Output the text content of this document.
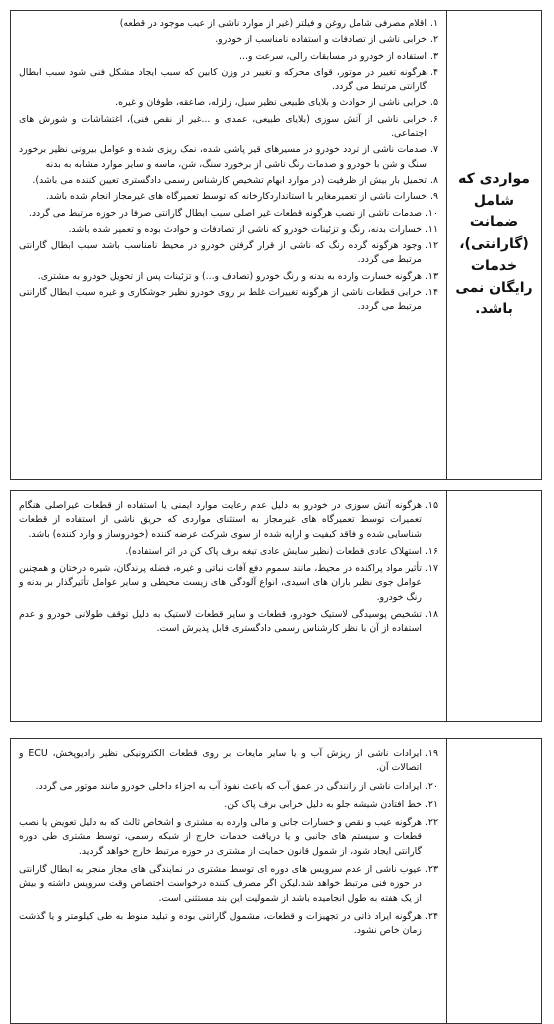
مواردی که شامل ضمانت (گارانتی)، خدمات رایگان نمی باشد.
۱.
اقلام مصرفی شامل روغن و فیلتر (غیر از موارد ناشی از عیب موجود در قطعه)
۲.
خرابی ناشی از تصادفات و استفاده نامناسب از خودرو.
۳.
استفاده از خودرو در مسابقات رالی، سرعت و...
۴.
هرگونه تغییر در موتور، قوای محرکه و تغییر در وزن کابین که سبب ایجاد مشکل فنی شود سبب ابطال گارانتی مرتبط می گردد.
۵.
خرابی ناشی از حوادث و بلایای طبیعی نظیر سیل، زلزله، صاعقه، طوفان و غیره.
۶.
خرابی ناشی از آتش سوزی (بلایای طبیعی، عمدی و ...غیر از نقص فنی)، اغتشاشات و شورش های اجتماعی.
۷.
صدمات ناشی از تردد خودرو در مسیرهای قیر پاشی شده، نمک ریزی شده و عوامل بیرونی نظیر برخورد سنگ و شن با خودرو و صدمات رنگ ناشی از برخورد سنگ، شن، ماسه و سایر موارد مشابه به بدنه
۸.
تحمیل بار بیش از ظرفیت (در موارد ابهام تشخیص کارشناس رسمی دادگستری تعیین کننده می باشد).
۹.
خسارات ناشی از تعمیرمغایر با استانداردکارخانه که توسط تعمیرگاه های غیرمجاز انجام شده باشد.
۱۰.
صدمات ناشی از نصب هرگونه قطعات غیر اصلی سبب ابطال گارانتی صرفا در حوزه مرتبط می گردد.
۱۱.
خسارات بدنه، رنگ و تزئینات خودرو که ناشی از تصادفات و حوادث بوده و تعمیر شده باشد.
۱۲.
وجود هرگونه گرده رنگ که ناشی از قرار گرفتن خودرو در محیط نامناسب باشد سبب ابطال گارانتی مرتبط می گردد.
۱۳.
هرگونه خسارت وارده به بدنه و رنگ خودرو (تصادف و...) و تزئینات پس از تحویل خودرو به مشتری.
۱۴.
خرابی قطعات ناشی از هرگونه تغییرات غلط بر روی خودرو نظیر جوشکاری و غیره سبب ابطال گارانتی مرتبط می گردد.
۱۵.
هرگونه آتش سوزی در خودرو به دلیل عدم رعایت موارد ایمنی یا استفاده از قطعات غیراصلی هنگام تعمیرات توسط تعمیرگاه های غیرمجاز به استثنای مواردی که حریق ناشی از استفاده از قطعات شناسایی شده و فاقد کیفیت و ارایه شده از سوی شرکت عرضه کننده (خودروساز و وارد کننده) باشد.
۱۶.
استهلاک عادی قطعات (نظیر سایش عادی تیغه برف پاک کن در اثر استفاده).
۱۷.
تأثیر مواد پراکنده در محیط، مانند سموم دفع آفات نباتی و غیره، فضله پرندگان، شیره درختان و همچنین عوامل جوی نظیر باران های اسیدی، انواع آلودگی های زیست محیطی و سایر عوامل تأثیرگذار بر بدنه و رنگ خودرو.
۱۸.
تشخیص پوسیدگی لاستیک خودرو، قطعات و سایر قطعات لاستیک به دلیل توقف طولانی خودرو و عدم استفاده از آن با نظر کارشناس رسمی دادگستری قابل پذیرش است.
۱۹.
ایرادات ناشی از ریزش آب و یا سایر مایعات بر روی قطعات الکترونیکی نظیر رادیوپخش، ECU و اتصالات آن.
۲۰.
ایرادات ناشی از رانندگی در عمق آب که باعث نفوذ آب به اجزاء داخلی خودرو مانند موتور می گردد.
۲۱.
خط افتادن شیشه جلو به دلیل خرابی برف پاک کن.
۲۲.
هرگونه عیب و نقص و خسارات جانی و مالی وارده به مشتری و اشخاص ثالث که به دلیل تعویض یا نصب قطعات و سیستم های جانبی و یا دریافت خدمات خارج از شبکه رسمی، توسط مشتری طی دوره گارانتی ایجاد شود، از شمول قانون حمایت از مشتری در حوزه مرتبط خارج خواهد گردید.
۲۳.
عیوب ناشی از عدم سرویس های دوره ای توسط مشتری در نمایندگی های مجاز منجر به ابطال گارانتی در حوزه فنی مرتبط خواهد شد.لیکن اگر مصرف کننده درخواست اختصاص وقت سرویس داشته و بیش از یک هفته به طول انجامیده باشد از شمولیت این بند مستثنی است.
۲۴.
هرگونه ایراد ذاتی در تجهیزات و قطعات، مشمول گارانتی بوده و تبلید منوط به طی کیلومتر و یا گذشت زمان خاص نشود.
